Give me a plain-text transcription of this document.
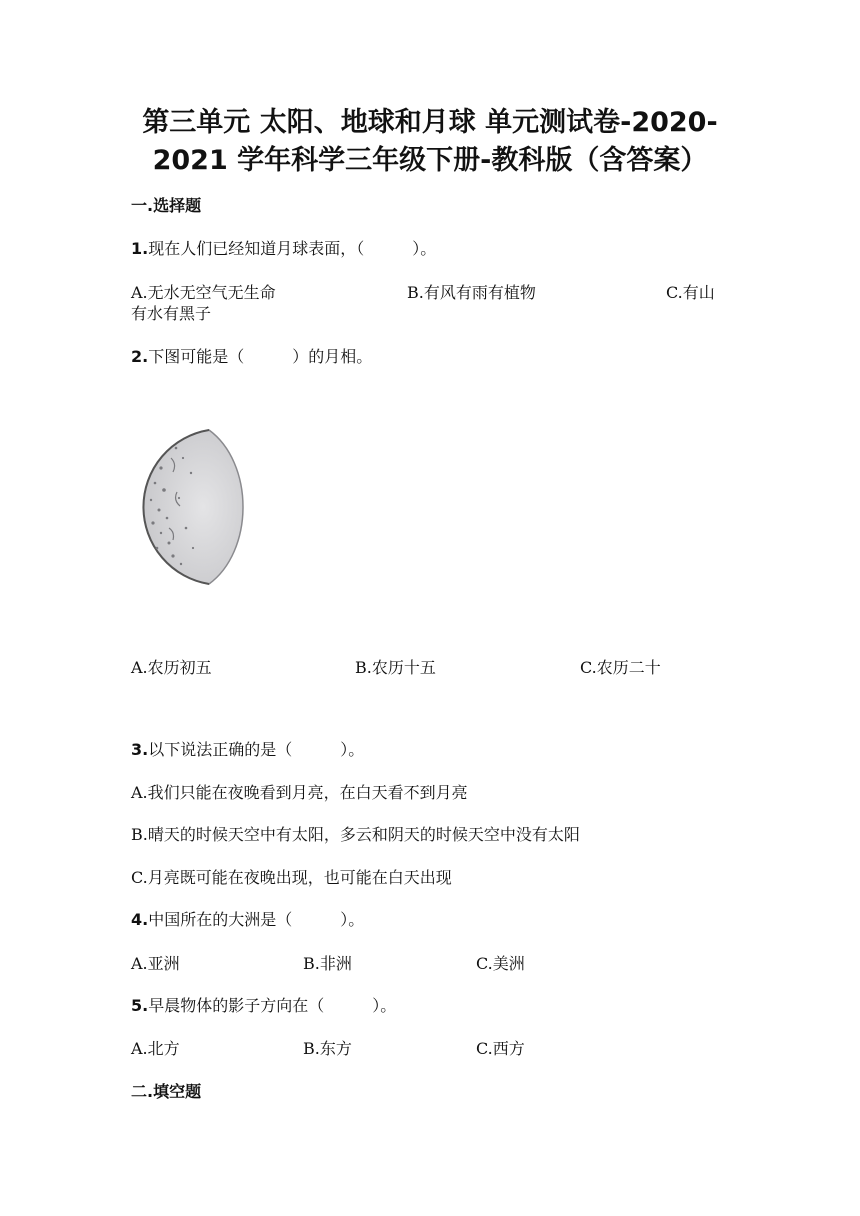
第三单元 太阳、地球和月球 单元测试卷-2020-
2021 学年科学三年级下册-教科版（含答案）
一.选择题
1.现在人们已经知道月球表面，（　　　）。
A.无水无空气无生命	B.有风有雨有植物	C.有山
有水有黑子
2.下图可能是（　　　）的月相。
A.农历初五	B.农历十五	C.农历二十
3.以下说法正确的是（　　　）。
A.我们只能在夜晚看到月亮，在白天看不到月亮
B.晴天的时候天空中有太阳，多云和阴天的时候天空中没有太阳
C.月亮既可能在夜晚出现，也可能在白天出现
4.中国所在的大洲是（　　　）。
A.亚洲	B.非洲	C.美洲
5.早晨物体的影子方向在（　　　）。
A.北方	B.东方	C.西方
二.填空题
